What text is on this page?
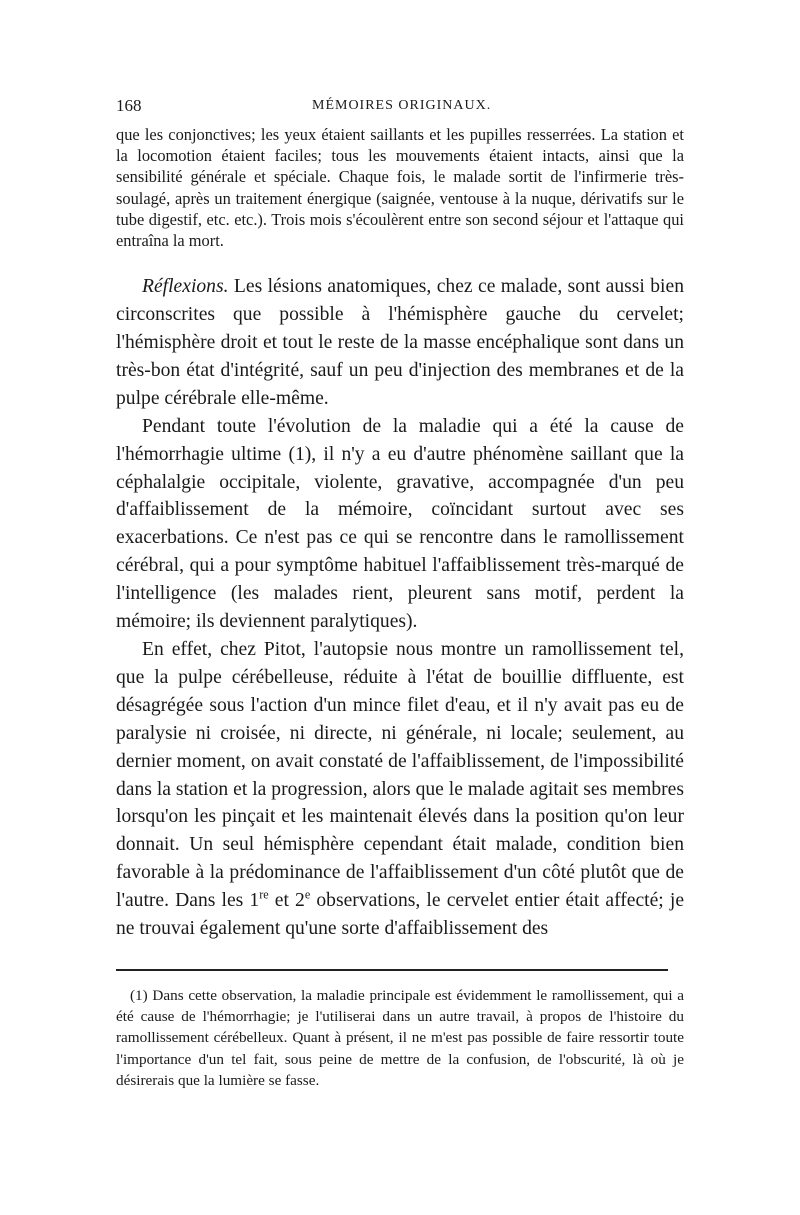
168	MÉMOIRES ORIGINAUX.

que les conjonctives; les yeux étaient saillants et les pupilles resserrées. La station et la locomotion étaient faciles; tous les mouvements étaient intacts, ainsi que la sensibilité générale et spéciale. Chaque fois, le malade sortit de l'infirmerie très-soulagé, après un traitement énergique (saignée, ventouse à la nuque, dérivatifs sur le tube digestif, etc. etc.). Trois mois s'écoulèrent entre son second séjour et l'attaque qui entraîna la mort.

Réflexions. Les lésions anatomiques, chez ce malade, sont aussi bien circonscrites que possible à l'hémisphère gauche du cervelet; l'hémisphère droit et tout le reste de la masse encéphalique sont dans un très-bon état d'intégrité, sauf un peu d'injection des membranes et de la pulpe cérébrale elle-même.

Pendant toute l'évolution de la maladie qui a été la cause de l'hémorrhagie ultime (1), il n'y a eu d'autre phénomène saillant que la céphalalgie occipitale, violente, gravative, accompagnée d'un peu d'affaiblissement de la mémoire, coïncidant surtout avec ses exacerbations. Ce n'est pas ce qui se rencontre dans le ramollissement cérébral, qui a pour symptôme habituel l'affaiblissement très-marqué de l'intelligence (les malades rient, pleurent sans motif, perdent la mémoire; ils deviennent paralytiques).

En effet, chez Pitot, l'autopsie nous montre un ramollissement tel, que la pulpe cérébelleuse, réduite à l'état de bouillie diffluente, est désagrégée sous l'action d'un mince filet d'eau, et il n'y avait pas eu de paralysie ni croisée, ni directe, ni générale, ni locale; seulement, au dernier moment, on avait constaté de l'affaiblissement, de l'impossibilité dans la station et la progression, alors que le malade agitait ses membres lorsqu'on les pinçait et les maintenait élevés dans la position qu'on leur donnait. Un seul hémisphère cependant était malade, condition bien favorable à la prédominance de l'affaiblissement d'un côté plutôt que de l'autre. Dans les 1re et 2e observations, le cervelet entier était affecté; je ne trouvai également qu'une sorte d'affaiblissement des

(1) Dans cette observation, la maladie principale est évidemment le ramollissement, qui a été cause de l'hémorrhagie; je l'utiliserai dans un autre travail, à propos de l'histoire du ramollissement cérébelleux. Quant à présent, il ne m'est pas possible de faire ressortir toute l'importance d'un tel fait, sous peine de mettre de la confusion, de l'obscurité, là où je désirerais que la lumière se fasse.
